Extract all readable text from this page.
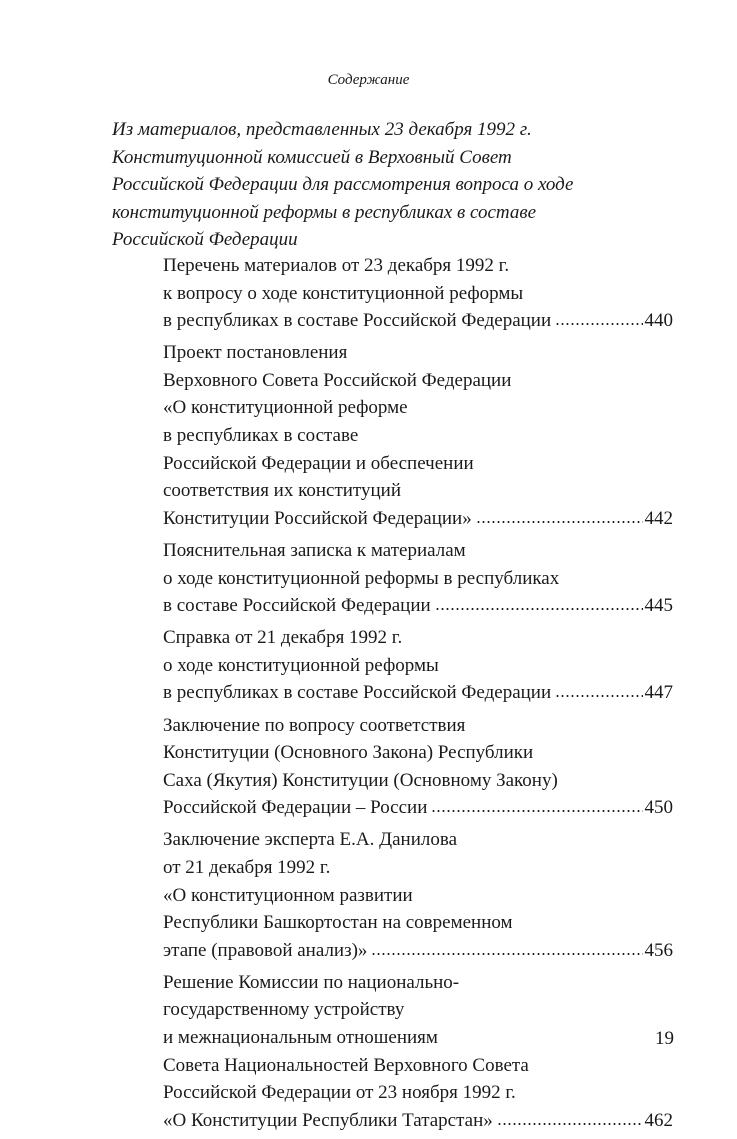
Содержание
Из материалов, представленных 23 декабря 1992 г.
Конституционной комиссией в Верховный Совет
Российской Федерации для рассмотрения вопроса о ходе
конституционной реформы в республиках в составе
Российской Федерации
Перечень материалов от 23 декабря 1992 г.
к вопросу о ходе конституционной реформы
в республиках в составе Российской Федерации	440
Проект постановления
Верховного Совета Российской Федерации
«О конституционной реформе
в республиках в составе
Российской Федерации и обеспечении
соответствия их конституций
Конституции Российской Федерации»	442
Пояснительная записка к материалам
о ходе конституционной реформы в республиках
в составе Российской Федерации	445
Справка от 21 декабря 1992 г.
о ходе конституционной реформы
в республиках в составе Российской Федерации	447
Заключение по вопросу соответствия
Конституции (Основного Закона) Республики
Саха (Якутия) Конституции (Основному Закону)
Российской Федерации – России	450
Заключение эксперта Е.А. Данилова
от 21 декабря 1992 г.
«О конституционном развитии
Республики Башкортостан на современном
этапе (правовой анализ)»	456
Решение Комиссии по национально-
государственному устройству
и межнациональным отношениям
Совета Национальностей Верховного Совета
Российской Федерации от 23 ноября 1992 г.
«О Конституции Республики Татарстан»	462
19
